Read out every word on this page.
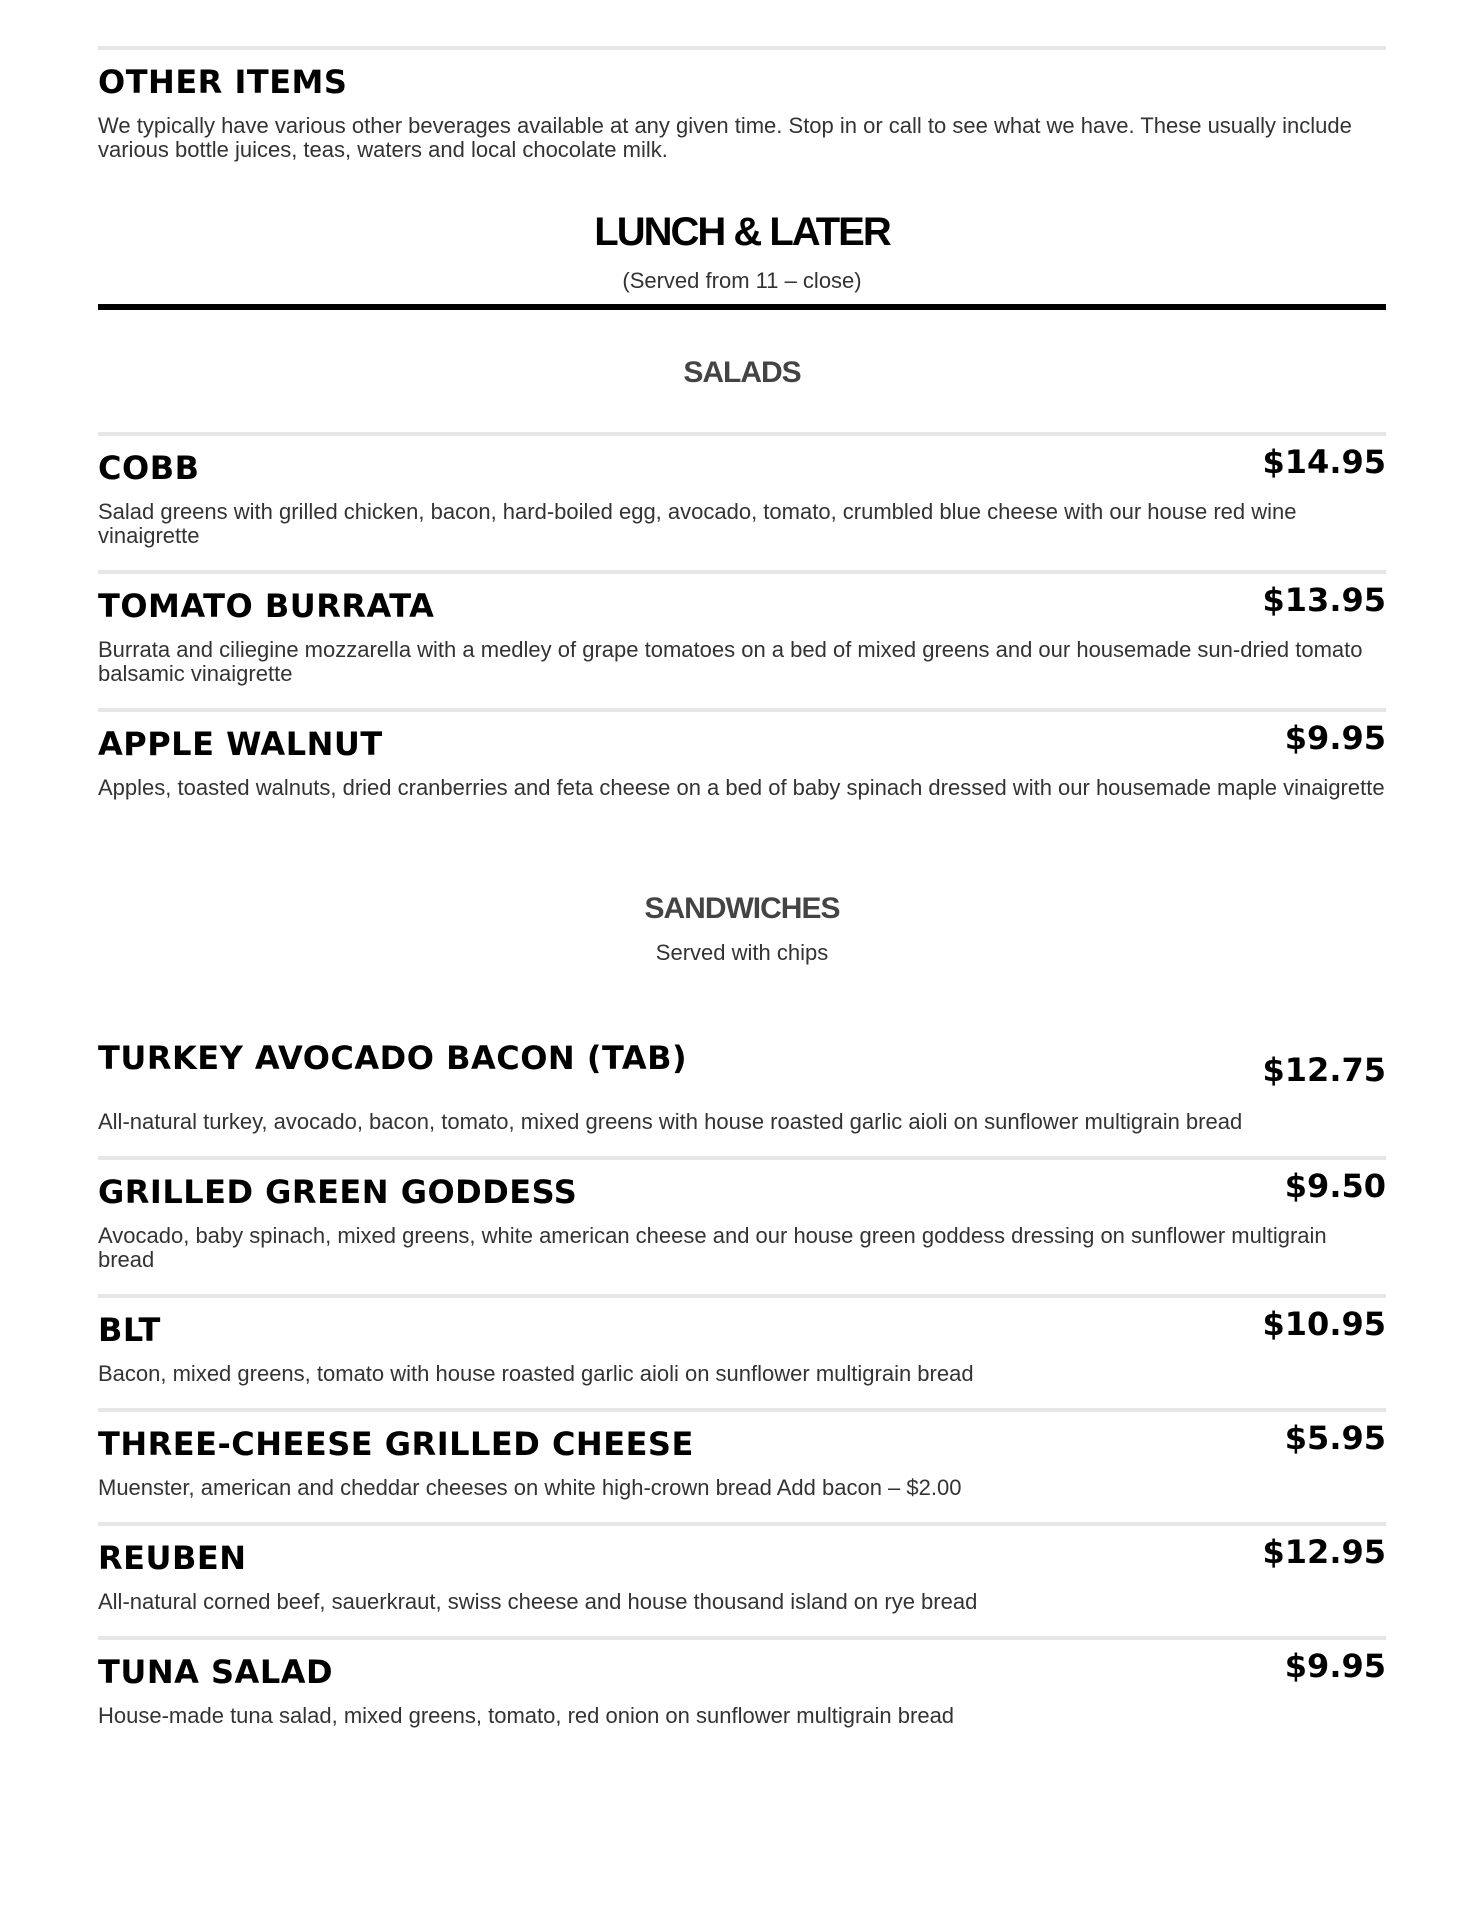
OTHER ITEMS
We typically have various other beverages available at any given time. Stop in or call to see what we have. These usually include various bottle juices, teas, waters and local chocolate milk.
LUNCH & LATER
(Served from 11 – close)
SALADS
COBB	$14.95
Salad greens with grilled chicken, bacon, hard-boiled egg, avocado, tomato, crumbled blue cheese with our house red wine vinaigrette
TOMATO BURRATA	$13.95
Burrata and ciliegine mozzarella with a medley of grape tomatoes on a bed of mixed greens and our housemade sun-dried tomato balsamic vinaigrette
APPLE WALNUT	$9.95
Apples, toasted walnuts, dried cranberries and feta cheese on a bed of baby spinach dressed with our housemade maple vinaigrette
SANDWICHES
Served with chips
TURKEY AVOCADO BACON (TAB)	$12.75
All-natural turkey, avocado, bacon, tomato, mixed greens with house roasted garlic aioli on sunflower multigrain bread
GRILLED GREEN GODDESS	$9.50
Avocado, baby spinach, mixed greens, white american cheese and our house green goddess dressing on sunflower multigrain bread
BLT	$10.95
Bacon, mixed greens, tomato with house roasted garlic aioli on sunflower multigrain bread
THREE-CHEESE GRILLED CHEESE	$5.95
Muenster, american and cheddar cheeses on white high-crown bread Add bacon – $2.00
REUBEN	$12.95
All-natural corned beef, sauerkraut, swiss cheese and house thousand island on rye bread
TUNA SALAD	$9.95
House-made tuna salad, mixed greens, tomato, red onion on sunflower multigrain bread
